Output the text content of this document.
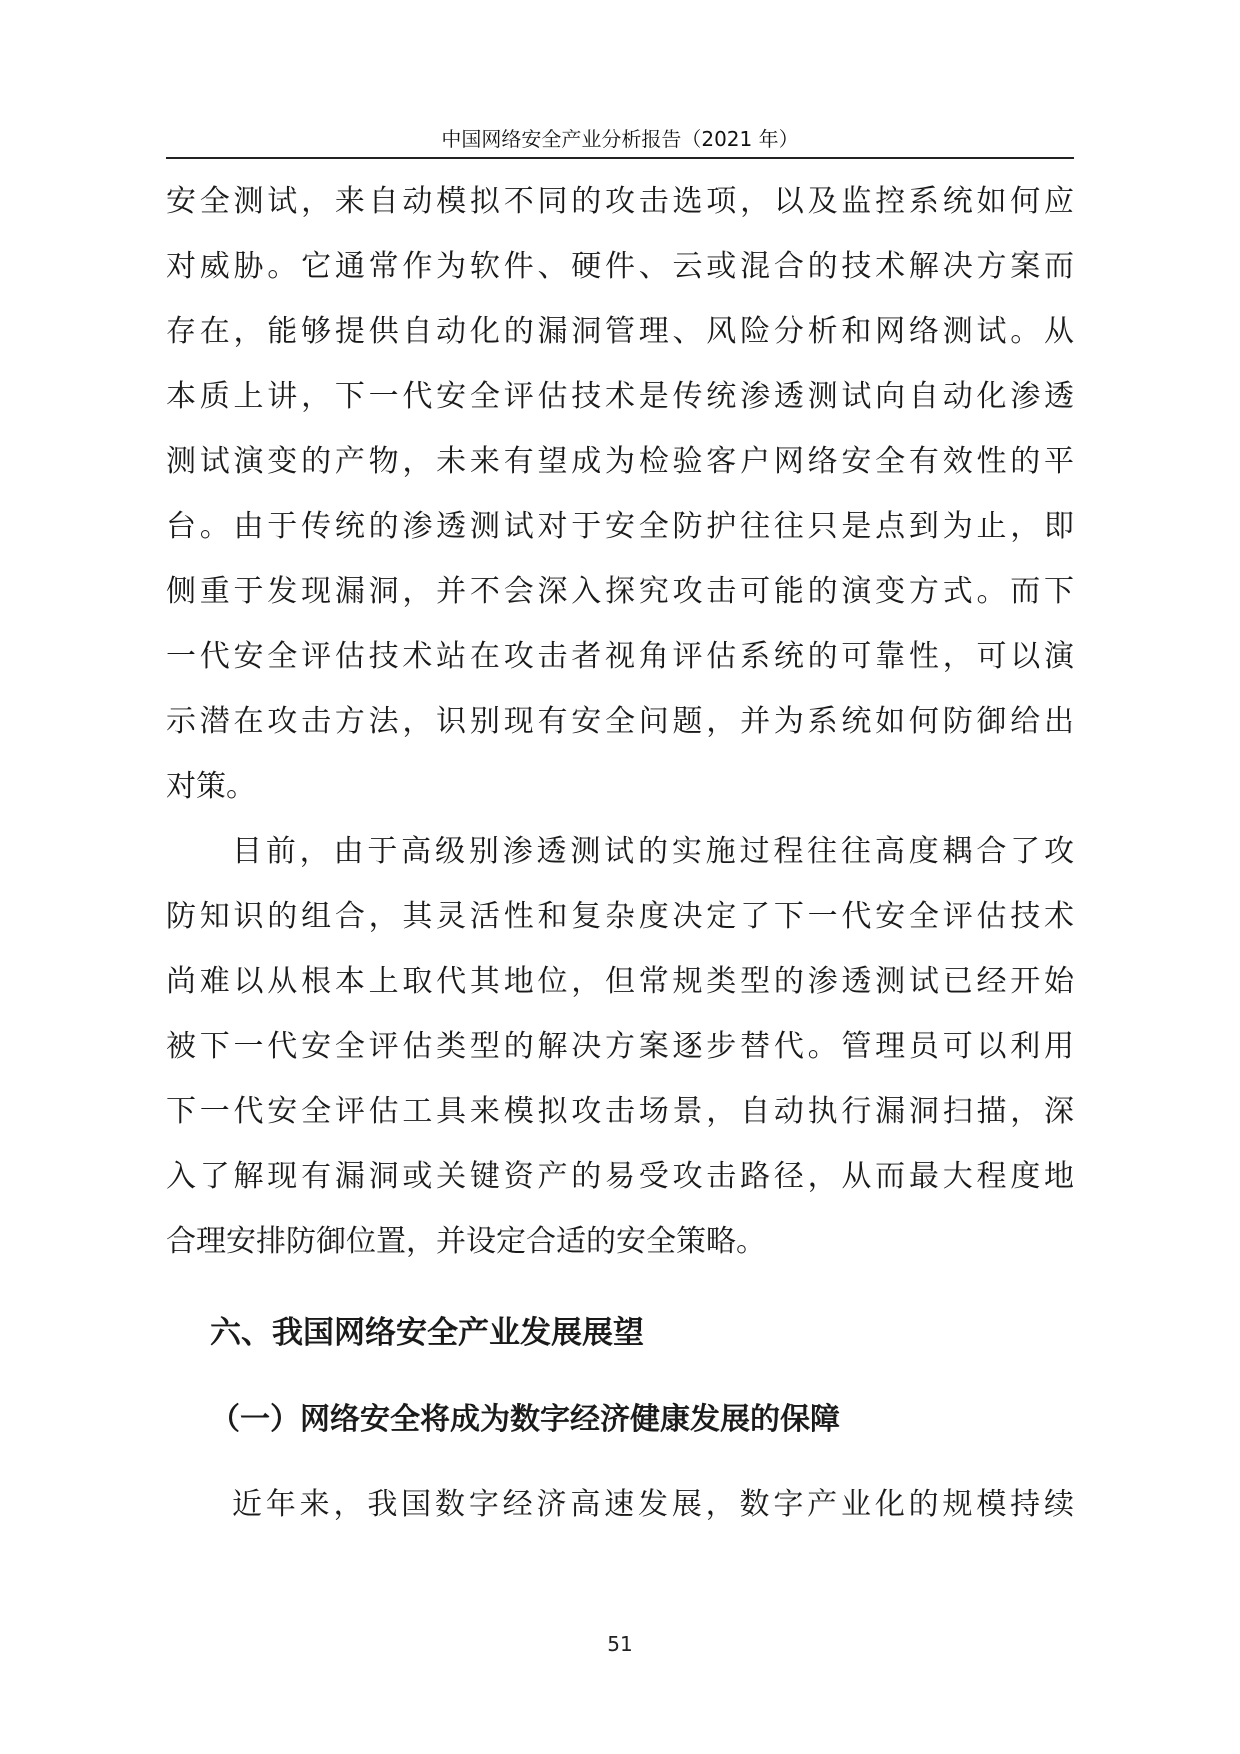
中国网络安全产业分析报告（2021 年）
安全测试，来自动模拟不同的攻击选项，以及监控系统如何应
对威胁。它通常作为软件、硬件、云或混合的技术解决方案而
存在，能够提供自动化的漏洞管理、风险分析和网络测试。从
本质上讲，下一代安全评估技术是传统渗透测试向自动化渗透
测试演变的产物，未来有望成为检验客户网络安全有效性的平
台。由于传统的渗透测试对于安全防护往往只是点到为止，即
侧重于发现漏洞，并不会深入探究攻击可能的演变方式。而下
一代安全评估技术站在攻击者视角评估系统的可靠性，可以演
示潜在攻击方法，识别现有安全问题，并为系统如何防御给出
对策。
目前，由于高级别渗透测试的实施过程往往高度耦合了攻
防知识的组合，其灵活性和复杂度决定了下一代安全评估技术
尚难以从根本上取代其地位，但常规类型的渗透测试已经开始
被下一代安全评估类型的解决方案逐步替代。管理员可以利用
下一代安全评估工具来模拟攻击场景，自动执行漏洞扫描，深
入了解现有漏洞或关键资产的易受攻击路径，从而最大程度地
合理安排防御位置，并设定合适的安全策略。
六、我国网络安全产业发展展望
（一）网络安全将成为数字经济健康发展的保障
近年来，我国数字经济高速发展，数字产业化的规模持续
51
